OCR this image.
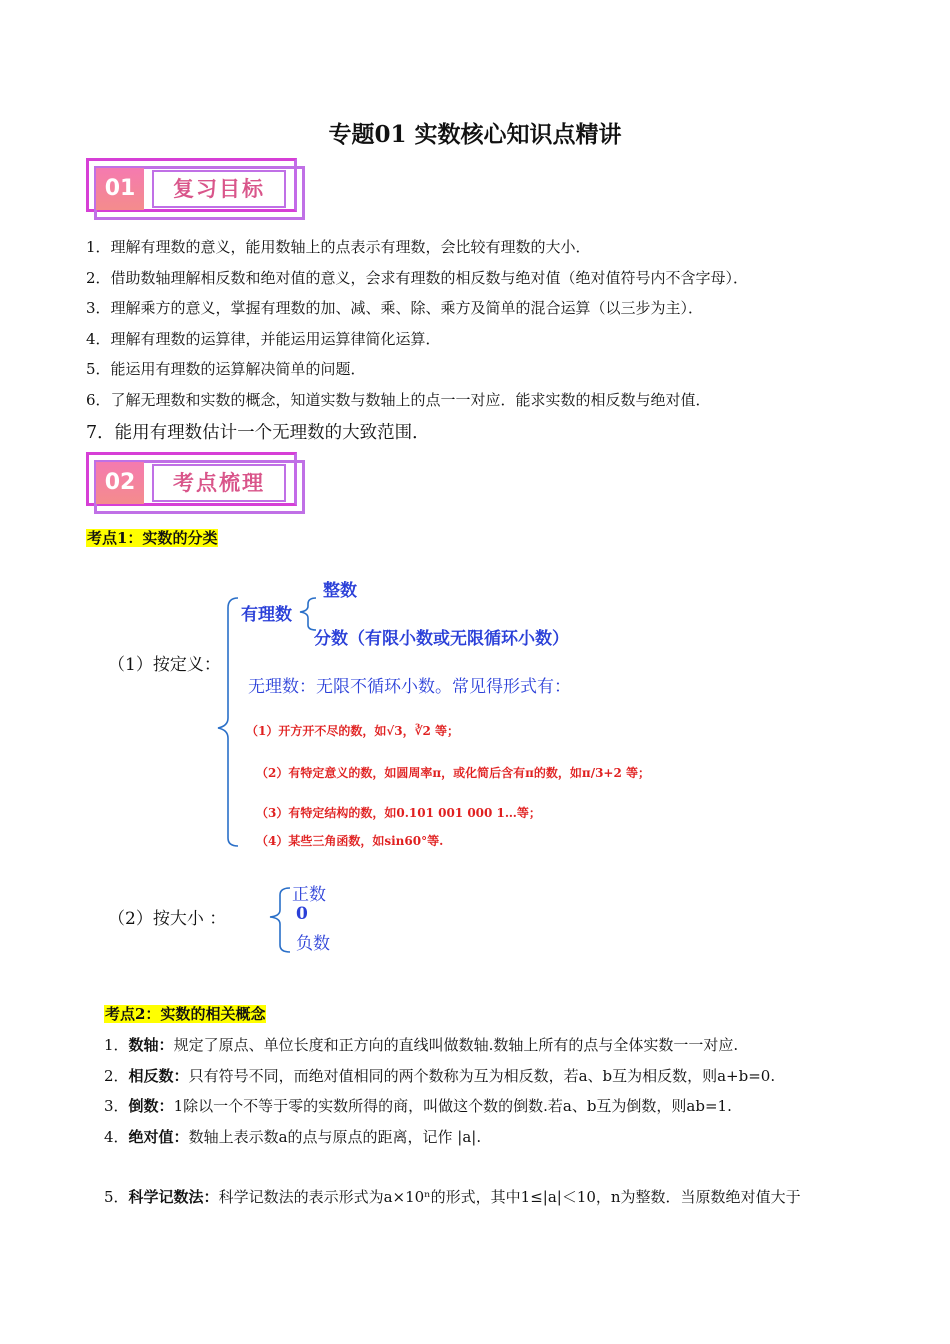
专题01 实数核心知识点精讲
01	复习目标
1．理解有理数的意义，能用数轴上的点表示有理数，会比较有理数的大小．
2．借助数轴理解相反数和绝对值的意义，会求有理数的相反数与绝对值（绝对值符号内不含字母）．
3．理解乘方的意义，掌握有理数的加、减、乘、除、乘方及简单的混合运算（以三步为主）．
4．理解有理数的运算律，并能运用运算律简化运算．
5．能运用有理数的运算解决简单的问题．
6．了解无理数和实数的概念，知道实数与数轴上的点一一对应．能求实数的相反数与绝对值．
7．能用有理数估计一个无理数的大致范围．
02	考点梳理
考点1：实数的分类
整数
有理数
分数（有限小数或无限循环小数）
（1）按定义：
无理数：无限不循环小数。常见得形式有：
（1）开方开不尽的数，如√3，∛2 等；
（2）有特定意义的数，如圆周率π，或化简后含有π的数，如π/3+2 等；
（3）有特定结构的数，如0.101 001 000 1…等；
（4）某些三角函数，如sin60°等.
正数
（2）按大小 ：	0
负数
考点2：实数的相关概念
1．数轴：规定了原点、单位长度和正方向的直线叫做数轴.数轴上所有的点与全体实数一一对应.
2．相反数：只有符号不同，而绝对值相同的两个数称为互为相反数，若a、b互为相反数，则a+b=0.
3．倒数：1除以一个不等于零的实数所得的商，叫做这个数的倒数.若a、b互为倒数，则ab=1.
4．绝对值：数轴上表示数a的点与原点的距离，记作 |a|.
5．科学记数法：科学记数法的表示形式为a×10ⁿ的形式，其中1≤|a|＜10，n为整数．当原数绝对值大于
